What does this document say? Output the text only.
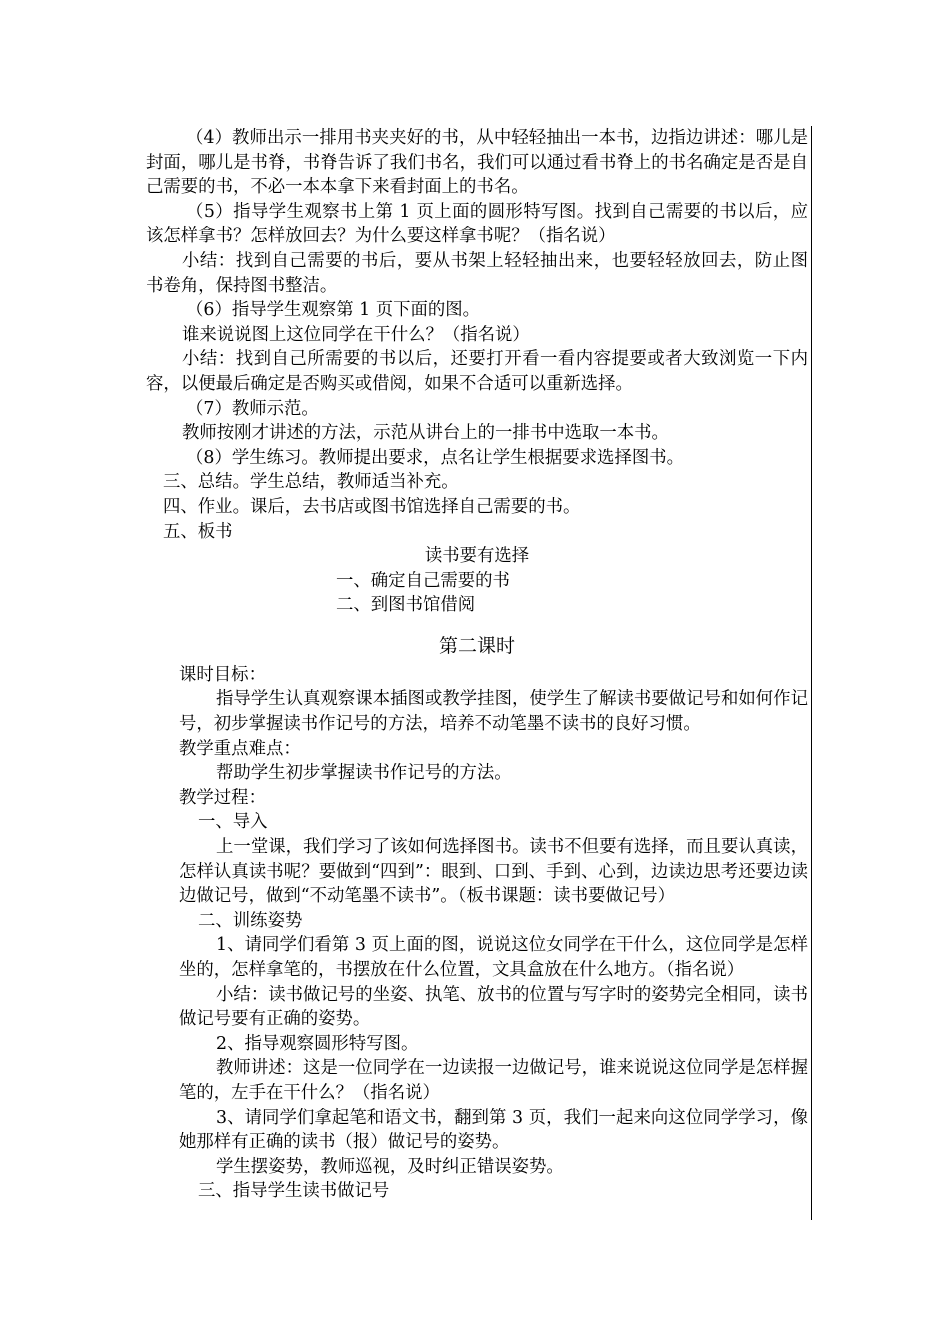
（4）教师出示一排用书夹夹好的书，从中轻轻抽出一本书，边指边讲述：哪儿是封面，哪儿是书脊，书脊告诉了我们书名，我们可以通过看书脊上的书名确定是否是自己需要的书，不必一本本拿下来看封面上的书名。

（5）指导学生观察书上第 1 页上面的圆形特写图。找到自己需要的书以后，应该怎样拿书？怎样放回去？为什么要这样拿书呢？（指名说）

小结：找到自己需要的书后，要从书架上轻轻抽出来，也要轻轻放回去，防止图书卷角，保持图书整洁。

（6）指导学生观察第 1 页下面的图。

谁来说说图上这位同学在干什么？（指名说）

小结：找到自己所需要的书以后，还要打开看一看内容提要或者大致浏览一下内容，以便最后确定是否购买或借阅，如果不合适可以重新选择。

（7）教师示范。

教师按刚才讲述的方法，示范从讲台上的一排书中选取一本书。

（8）学生练习。教师提出要求，点名让学生根据要求选择图书。

三、总结。学生总结，教师适当补充。

四、作业。课后，去书店或图书馆选择自己需要的书。

五、板书

读书要有选择

一、确定自己需要的书

二、到图书馆借阅

第二课时

课时目标：

指导学生认真观察课本插图或教学挂图，使学生了解读书要做记号和如何作记号，初步掌握读书作记号的方法，培养不动笔墨不读书的良好习惯。

教学重点难点：

帮助学生初步掌握读书作记号的方法。

教学过程：

一、导入

上一堂课，我们学习了该如何选择图书。读书不但要有选择，而且要认真读，怎样认真读书呢？要做到“四到”：眼到、口到、手到、心到，边读边思考还要边读边做记号，做到“不动笔墨不读书”。（板书课题：读书要做记号）

二、训练姿势

1、请同学们看第 3 页上面的图，说说这位女同学在干什么，这位同学是怎样坐的，怎样拿笔的，书摆放在什么位置，文具盒放在什么地方。（指名说）

小结：读书做记号的坐姿、执笔、放书的位置与写字时的姿势完全相同，读书做记号要有正确的姿势。

2、指导观察圆形特写图。

教师讲述：这是一位同学在一边读报一边做记号，谁来说说这位同学是怎样握笔的，左手在干什么？（指名说）

3、请同学们拿起笔和语文书，翻到第 3 页，我们一起来向这位同学学习，像她那样有正确的读书（报）做记号的姿势。

学生摆姿势，教师巡视，及时纠正错误姿势。

三、指导学生读书做记号
